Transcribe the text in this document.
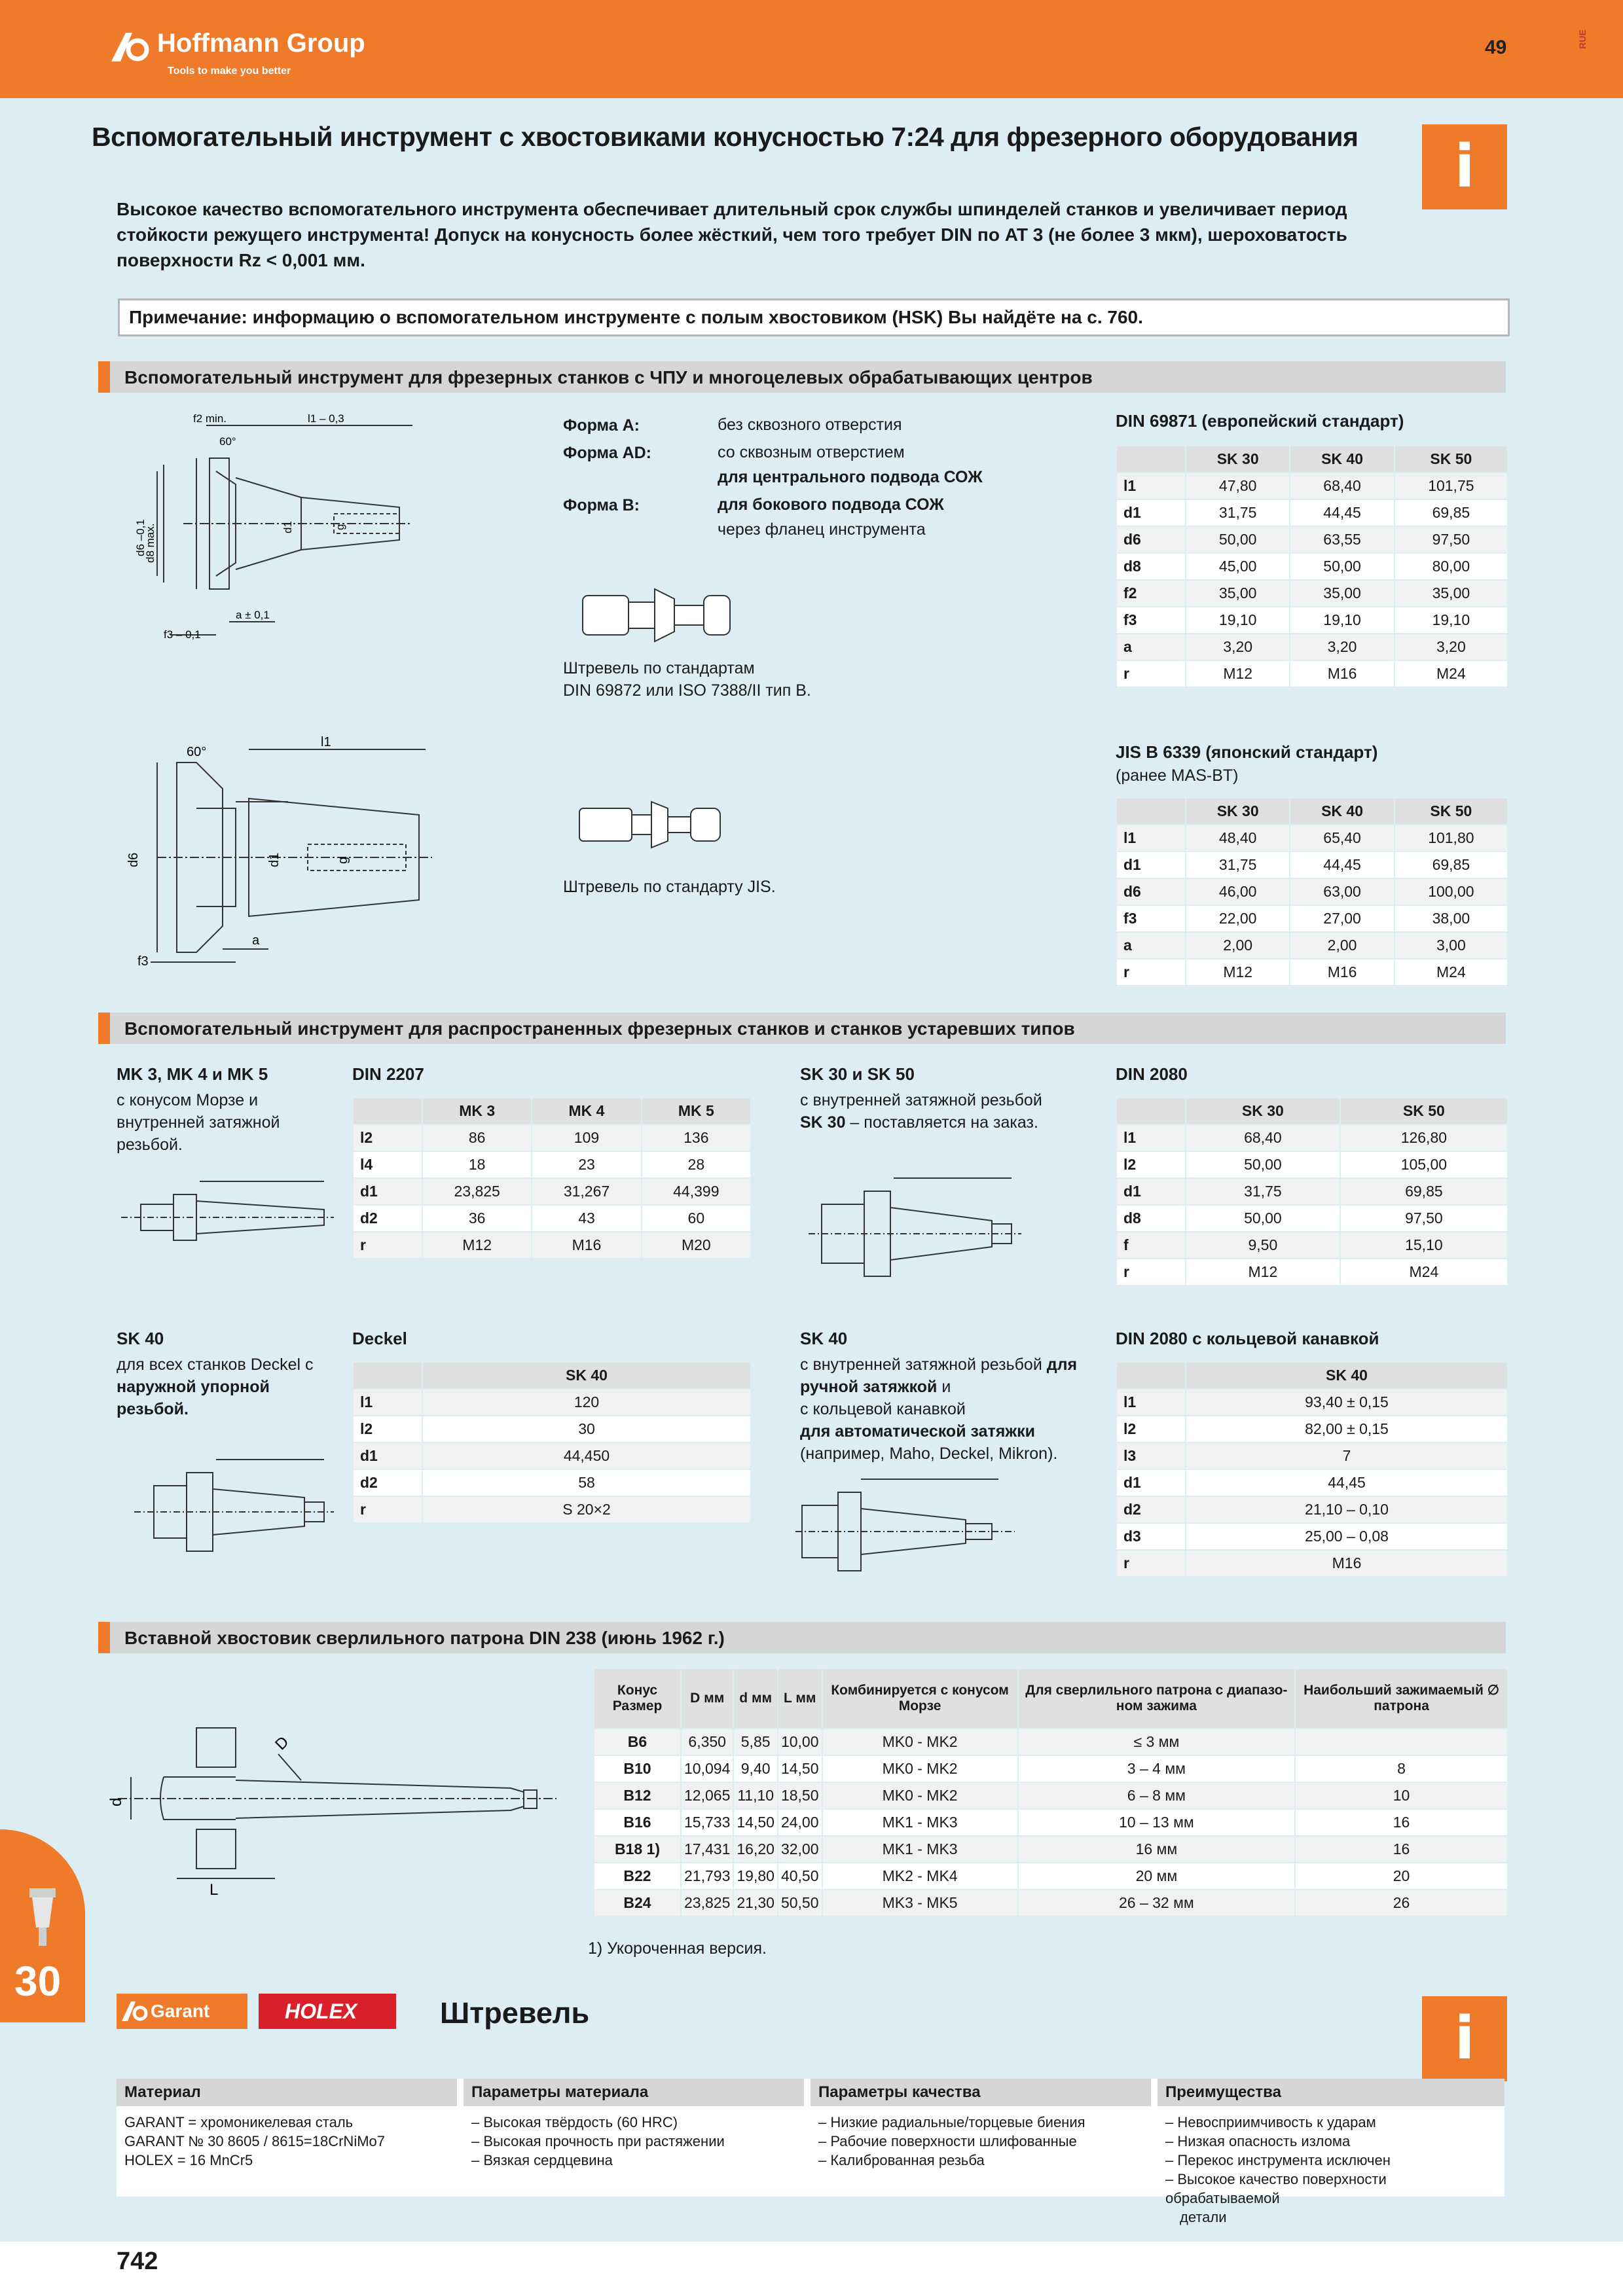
Hoffmann Group
Tools to make you better
49	RUE
Вспомогательный инструмент с хвостовиками конусностью 7:24 для фрезерного оборудования	i
Высокое качество вспомогательного инструмента обеспечивает длительный срок службы шпинделей станков и увеличивает период стойкости режущего инструмента! Допуск на конусность более жёсткий, чем того требует DIN по AT 3 (не более 3 мкм), шероховатость поверхности Rz < 0,001 мм.
Примечание: информацию о вспомогательном инструменте с полым хвостовиком (HSK) Вы найдёте на с. 760.
Вспомогательный инструмент для фрезерных станков с ЧПУ и многоцелевых обрабатывающих центров
f2 min.	l1 – 0,3
60°
d6 –0,1
d8 max.	d1	g
a ± 0,1
f3 – 0,1
Форма A:	без сквозного отверстия
Форма AD:	со сквозным отверстием
для центрального подвода СОЖ
Форма B:	для бокового подвода СОЖ
через фланец инструмента
Штревель по стандартам
DIN 69872 или ISO 7388/II тип B.
DIN 69871 (европейский стандарт)
	SK 30	SK 40	SK 50
l1	47,80	68,40	101,75
d1	31,75	44,45	69,85
d6	50,00	63,55	97,50
d8	45,00	50,00	80,00
f2	35,00	35,00	35,00
f3	19,10	19,10	19,10
a	3,20	3,20	3,20
r	M12	M16	M24
60°
l1
d6	d1	g
a
f3
Штревель по стандарту JIS.
JIS B 6339 (японский стандарт)
(ранее MAS-BT)
	SK 30	SK 40	SK 50
l1	48,40	65,40	101,80
d1	31,75	44,45	69,85
d6	46,00	63,00	100,00
f3	22,00	27,00	38,00
a	2,00	2,00	3,00
r	M12	M16	M24
Вспомогательный инструмент для распространенных фрезерных станков и станков устаревших типов
MK 3, MK 4 и MK 5
с конусом Морзе и
внутренней затяжной
резьбой.
DIN 2207
	MK 3	MK 4	MK 5
l2	86	109	136
l4	18	23	28
d1	23,825	31,267	44,399
d2	36	43	60
r	M12	M16	M20
SK 30 и SK 50
с внутренней затяжной резьбой
SK 30 – поставляется на заказ.
DIN 2080
	SK 30	SK 50
l1	68,40	126,80
l2	50,00	105,00
d1	31,75	69,85
d8	50,00	97,50
f	9,50	15,10
r	M12	M24
SK 40
для всех станков Deckel с
наружной упорной
резьбой.
Deckel
	SK 40
l1	120
l2	30
d1	44,450
d2	58
r	S 20×2
SK 40
с внутренней затяжной резьбой для
ручной затяжкой и
с кольцевой канавкой
для автоматической затяжки
(например, Maho, Deckel, Mikron).
DIN 2080 с кольцевой канавкой
	SK 40
l1	93,40 ± 0,15
l2	82,00 ± 0,15
l3	7
d1	44,45
d2	21,10 – 0,10
d3	25,00 – 0,08
r	M16
Вставной хвостовик сверлильного патрона DIN 238 (июнь 1962 г.)
D
d
L
Конус Размер	D мм	d мм	L мм	Комбинируется с конусом Морзе	Для сверлильного патрона с диапазо-ном зажима	Наибольший зажимаемый ∅ патрона
B6	6,350	5,85	10,00	MK0 - MK2	≤ 3 мм	
B10	10,094	9,40	14,50	MK0 - MK2	3 – 4 мм	8
B12	12,065	11,10	18,50	MK0 - MK2	6 – 8 мм	10
B16	15,733	14,50	24,00	MK1 - MK3	10 – 13 мм	16
B18 1)	17,431	16,20	32,00	MK1 - MK3	16 мм	16
B22	21,793	19,80	40,50	MK2 - MK4	20 мм	20
B24	23,825	21,30	50,50	MK3 - MK5	26 – 32 мм	26
1) Укороченная версия.
Garant	HOLEX	Штревель	i
Материал
GARANT = хромоникелевая сталь
GARANT № 30 8605 / 8615=18CrNiMo7
HOLEX = 16 MnCr5
Параметры материала
– Высокая твёрдость (60 HRC)
– Высокая прочность при растяжении
– Вязкая сердцевина
Параметры качества
– Низкие радиальные/торцевые биения
– Рабочие поверхности шлифованные
– Калиброванная резьба
Преимущества
– Невосприимчивость к ударам
– Низкая опасность излома
– Перекос инструмента исключен
– Высокое качество поверхности обрабатываемой
детали
30
742
